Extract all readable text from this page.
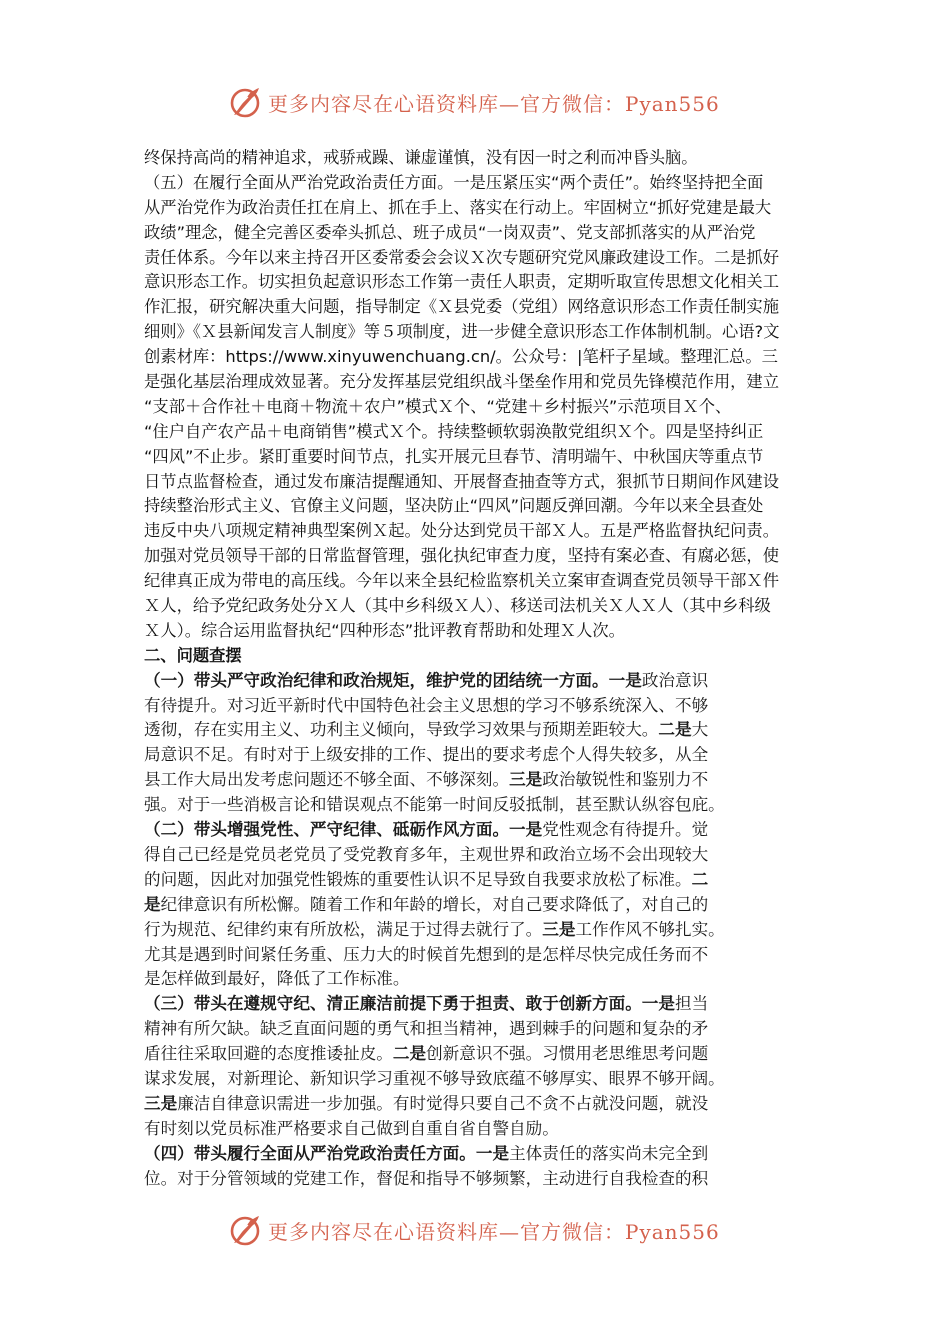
更多内容尽在心语资料库—官方微信：Pyan556
终保持高尚的精神追求，戒骄戒躁、谦虚谨慎，没有因一时之利而冲昏头脑。
（五）在履行全面从严治党政治责任方面。一是压紧压实“两个责任”。始终坚持把全面
从严治党作为政治责任扛在肩上、抓在手上、落实在行动上。牢固树立“抓好党建是最大
政绩”理念，健全完善区委牵头抓总、班子成员“一岗双责”、党支部抓落实的从严治党
责任体系。今年以来主持召开区委常委会会议Ｘ次专题研究党风廉政建设工作。二是抓好
意识形态工作。切实担负起意识形态工作第一责任人职责，定期听取宣传思想文化相关工
作汇报，研究解决重大问题，指导制定《Ｘ县党委（党组）网络意识形态工作责任制实施
细则》《Ｘ县新闻发言人制度》等５项制度，进一步健全意识形态工作体制机制。心语?文
创素材库：https://www.xinyuwenchuang.cn/。公众号：|笔杆子星域。整理汇总。三
是强化基层治理成效显著。充分发挥基层党组织战斗堡垒作用和党员先锋模范作用，建立
“支部＋合作社＋电商＋物流＋农户”模式Ｘ个、“党建＋乡村振兴”示范项目Ｘ个、
“住户自产农产品＋电商销售”模式Ｘ个。持续整顿软弱涣散党组织Ｘ个。四是坚持纠正
“四风”不止步。紧盯重要时间节点，扎实开展元旦春节、清明端午、中秋国庆等重点节
日节点监督检查，通过发布廉洁提醒通知、开展督查抽查等方式，狠抓节日期间作风建设
持续整治形式主义、官僚主义问题，坚决防止“四风”问题反弹回潮。今年以来全县查处
违反中央八项规定精神典型案例Ｘ起。处分达到党员干部Ｘ人。五是严格监督执纪问责。
加强对党员领导干部的日常监督管理，强化执纪审查力度，坚持有案必查、有腐必惩，使
纪律真正成为带电的高压线。今年以来全县纪检监察机关立案审查调查党员领导干部Ｘ件
Ｘ人，给予党纪政务处分Ｘ人（其中乡科级Ｘ人）、移送司法机关Ｘ人Ｘ人（其中乡科级
Ｘ人）。综合运用监督执纪“四种形态”批评教育帮助和处理Ｘ人次。
二、问题查摆
（一）带头严守政治纪律和政治规矩，维护党的团结统一方面。一是政治意识
有待提升。对习近平新时代中国特色社会主义思想的学习不够系统深入、不够
透彻，存在实用主义、功利主义倾向，导致学习效果与预期差距较大。二是大
局意识不足。有时对于上级安排的工作、提出的要求考虑个人得失较多，从全
县工作大局出发考虑问题还不够全面、不够深刻。三是政治敏锐性和鉴别力不
强。对于一些消极言论和错误观点不能第一时间反驳抵制，甚至默认纵容包庇。
（二）带头增强党性、严守纪律、砥砺作风方面。一是党性观念有待提升。觉
得自己已经是党员老党员了受党教育多年，主观世界和政治立场不会出现较大
的问题，因此对加强党性锻炼的重要性认识不足导致自我要求放松了标准。二
是纪律意识有所松懈。随着工作和年龄的增长，对自己要求降低了，对自己的
行为规范、纪律约束有所放松，满足于过得去就行了。三是工作作风不够扎实。
尤其是遇到时间紧任务重、压力大的时候首先想到的是怎样尽快完成任务而不
是怎样做到最好，降低了工作标准。
（三）带头在遵规守纪、清正廉洁前提下勇于担责、敢于创新方面。一是担当
精神有所欠缺。缺乏直面问题的勇气和担当精神，遇到棘手的问题和复杂的矛
盾往往采取回避的态度推诿扯皮。二是创新意识不强。习惯用老思维思考问题
谋求发展，对新理论、新知识学习重视不够导致底蕴不够厚实、眼界不够开阔。
三是廉洁自律意识需进一步加强。有时觉得只要自己不贪不占就没问题，就没
有时刻以党员标准严格要求自己做到自重自省自警自励。
（四）带头履行全面从严治党政治责任方面。一是主体责任的落实尚未完全到
位。对于分管领域的党建工作，督促和指导不够频繁，主动进行自我检查的积
更多内容尽在心语资料库—官方微信：Pyan556
